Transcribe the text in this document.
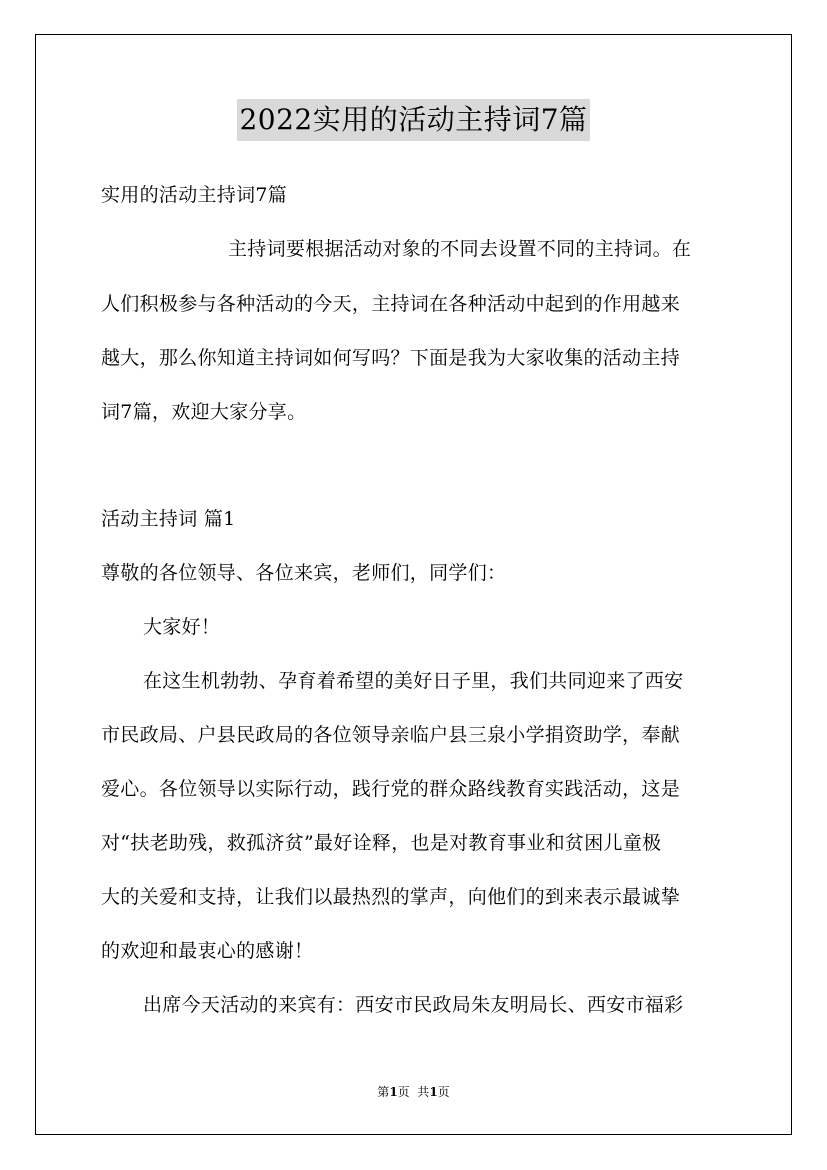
2022实用的活动主持词7篇
实用的活动主持词7篇
主持词要根据活动对象的不同去设置不同的主持词。在
人们积极参与各种活动的今天，主持词在各种活动中起到的作用越来
越大，那么你知道主持词如何写吗？下面是我为大家收集的活动主持
词7篇，欢迎大家分享。
活动主持词 篇1
尊敬的各位领导、各位来宾，老师们，同学们：
大家好！
在这生机勃勃、孕育着希望的美好日子里，我们共同迎来了西安
市民政局、户县民政局的各位领导亲临户县三泉小学捐资助学，奉献
爱心。各位领导以实际行动，践行党的群众路线教育实践活动，这是
对“扶老助残，救孤济贫”最好诠释，也是对教育事业和贫困儿童极
大的关爱和支持，让我们以最热烈的掌声，向他们的到来表示最诚挚
的欢迎和最衷心的感谢！
出席今天活动的来宾有：西安市民政局朱友明局长、西安市福彩
第1页  共1页
